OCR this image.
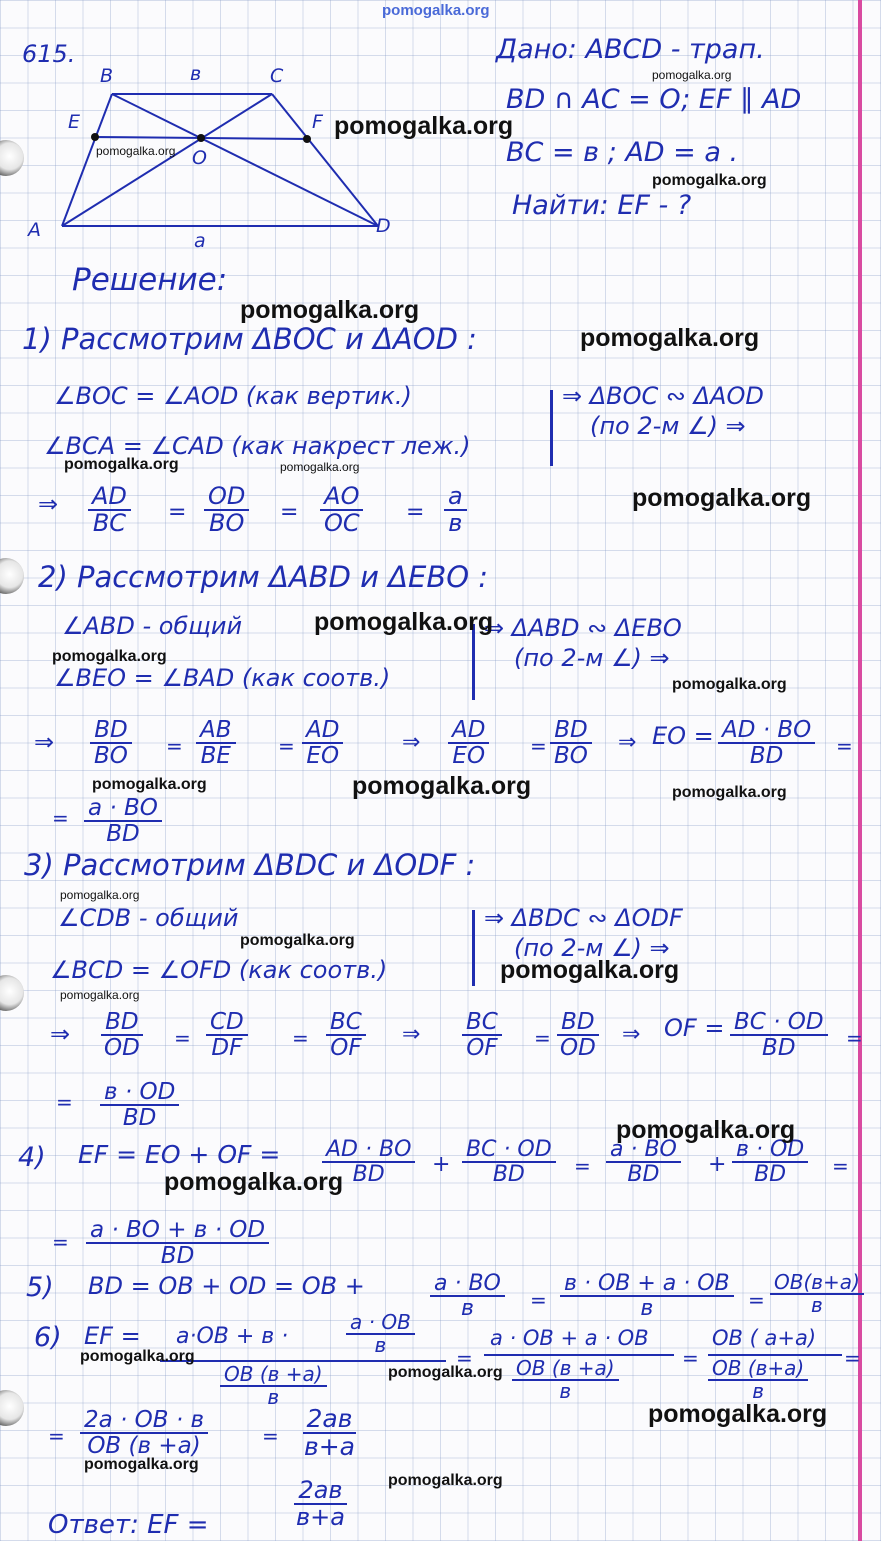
pomogalka.org
615.
B	C
в
E	F
O
A	D
a
Дано: ABCD - трап.
BD ∩ AC = O; EF ∥ AD
BC = в ; AD = a .
Найти: EF - ?
Решение:
1) Рассмотрим ΔBOC и ΔAOD :
∠BOC = ∠AOD (как вертик.)
∠BCA = ∠CAD (как накрест леж.)
⇒ ΔBOC ∾ ΔAOD
(по 2-м ∠) ⇒
⇒ $\frac{AD}{BC} = \frac{OD}{BO} = \frac{AO}{OC}$ =
a
в
2) Рассмотрим ΔABD и ΔEBO :
∠ABD - общий
∠BEO = ∠BAD (как соотв.)
⇒ ΔABD ∾ ΔEBO
(по 2-м ∠) ⇒
⇒ $\frac{BD}{BO} = \frac{AB}{BE} = \frac{AD}{EO}$	⇒ $\frac{AD}{EO} = \frac{BD}{BO}$ ⇒ EO = $\frac{AD \cdot BO}{BD}$ =
= $\frac{a \cdot BO}{BD}$
3) Рассмотрим ΔBDC и ΔODF :
∠CDB - общий
∠BCD = ∠OFD (как соотв.)
⇒ ΔBDC ∾ ΔODF
(по 2-м ∠) ⇒
⇒ $\frac{BD}{OD} = \frac{CD}{DF} = \frac{BC}{OF}$ ⇒ $\frac{BC}{OF} = \frac{BD}{OD}$ ⇒ OF = $\frac{BC \cdot OD}{BD}$ =
= в · OD
BD
4) EF = EO + OF = $\frac{AD \cdot BO}{BD} + \frac{BC \cdot OD}{BD} = \frac{a \cdot BO}{BD}$ +
в · OD
BD =
= a · BO + в · OD
BD
5) BD = OB + OD = OB +	a · BO
в	=
в · OB + a · OB
в	=
OB(в+a)
в
6) EF = a·OB + в ·
a · OB
в
OB (в +a)
в
=
a · OB + a · OB
OB (в +a)
в
=
OB ( a+a)
OB (в+a)
в
=
=
2a · OB · в
OB (в +a)	=
2aв
в+a
Ответ: EF =
2aв
в+a
pomogalka.org
pomogalka.org
pomogalka.org
pomogalka.org
pomogalka.org
pomogalka.org
pomogalka.org	pomogalka.org
pomogalka.org
pomogalka.org
pomogalka.org
pomogalka.org
pomogalka.org
pomogalka.org	pomogalka.org
pomogalka.org
pomogalka.org
pomogalka.org
pomogalka.org
pomogalka.org
pomogalka.org
pomogalka.org
pomogalka.org
pomogalka.org
pomogalka.org
pomogalka.org
